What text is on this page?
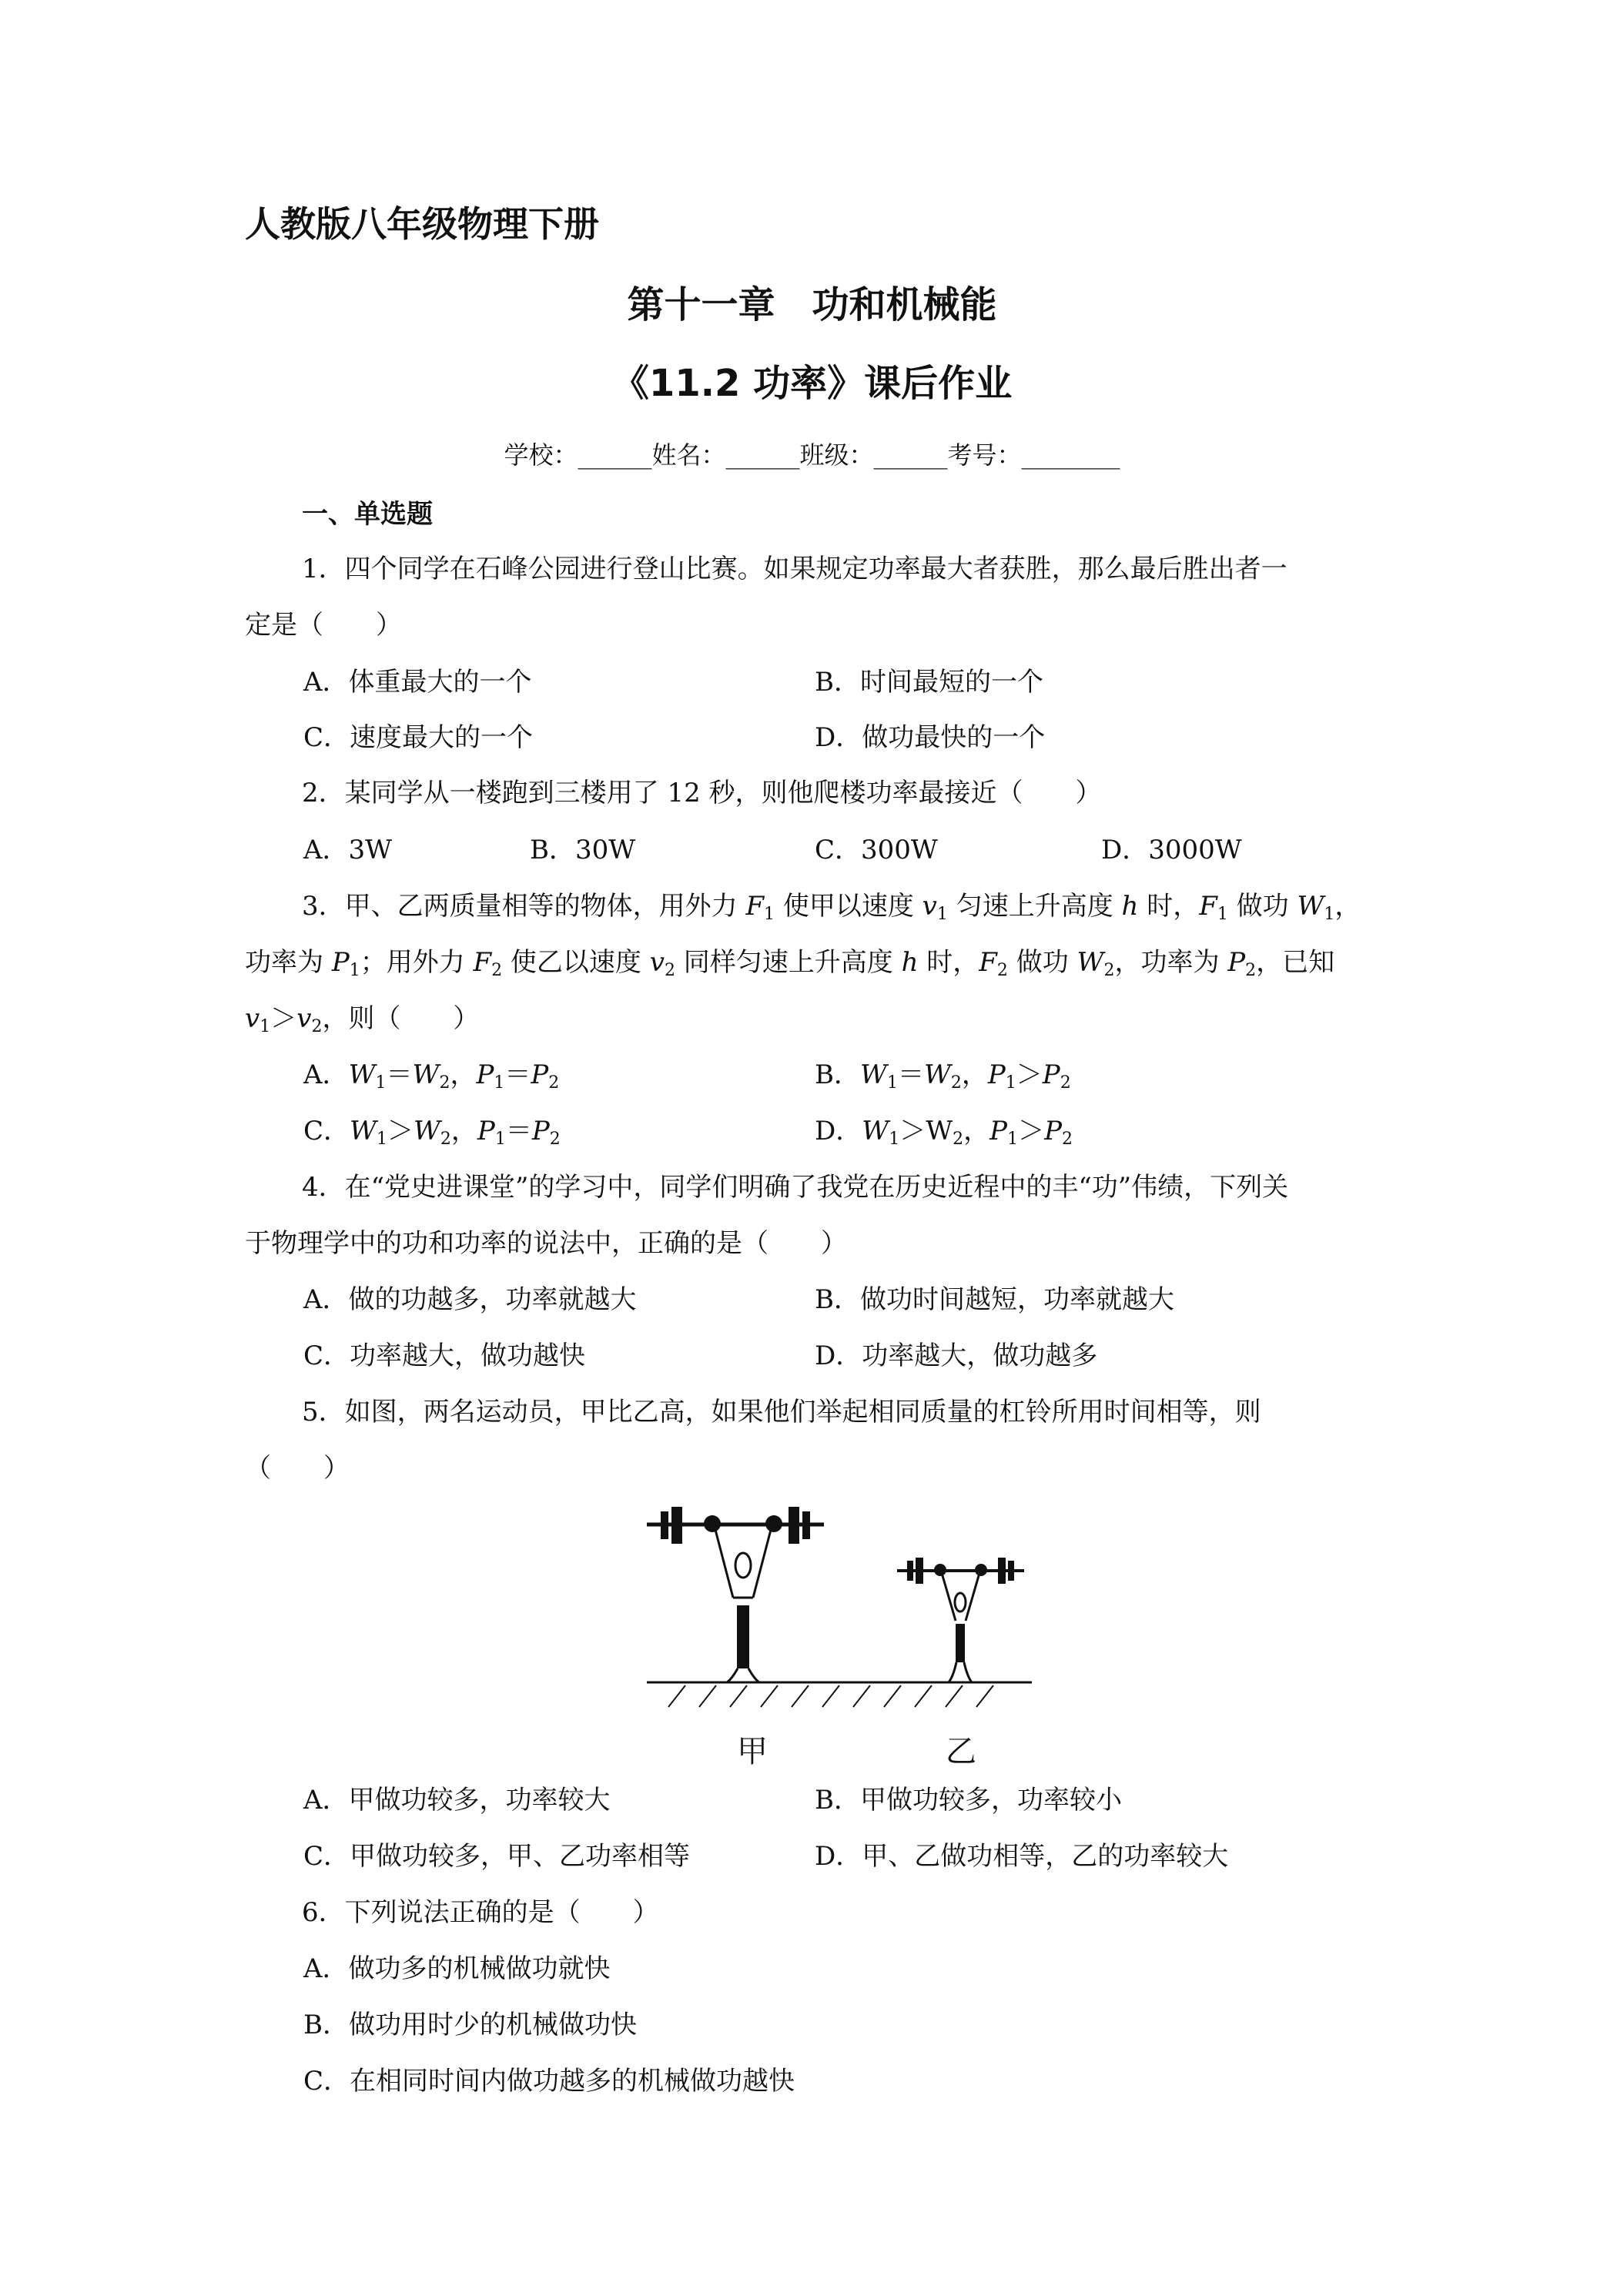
人教版八年级物理下册
第十一章　功和机械能
《11.2 功率》课后作业
学校：______姓名：______班级：______考号：________
一、单选题
1．四个同学在石峰公园进行登山比赛。如果规定功率最大者获胜，那么最后胜出者一
定是（　　）
A．体重最大的一个	B．时间最短的一个
C．速度最大的一个	D．做功最快的一个
2．某同学从一楼跑到三楼用了 12 秒，则他爬楼功率最接近（　　）
A．3W	B．30W	C．300W	D．3000W
3．甲、乙两质量相等的物体，用外力 $F_1$ 使甲以速度 $v_1$ 匀速上升高度 h 时，$F_1$ 做功 $W_1$，
功率为 $P_1$；用外力 $F_2$ 使乙以速度 $v_2$ 同样匀速上升高度 h 时，$F_2$ 做功 $W_2$，功率为 $P_2$，已知
$v_1>v_2$，则（　　）
A．$W_1=W_2$，$P_1=P_2$	B．$W_1=W_2$，$P_1>P_2$
C．$W_1>W_2$，$P_1=P_2$	D．$W_1>W_2$，$P_1>P_2$
4．在“党史进课堂”的学习中，同学们明确了我党在历史近程中的丰“功”伟绩，下列关
于物理学中的功和功率的说法中，正确的是（　　）
A．做的功越多，功率就越大	B．做功时间越短，功率就越大
C．功率越大，做功越快	D．功率越大，做功越多
5．如图，两名运动员，甲比乙高，如果他们举起相同质量的杠铃所用时间相等，则
（　　）
甲	乙
A．甲做功较多，功率较大	B．甲做功较多，功率较小
C．甲做功较多，甲、乙功率相等	D．甲、乙做功相等，乙的功率较大
6．下列说法正确的是（　　）
A．做功多的机械做功就快
B．做功用时少的机械做功快
C．在相同时间内做功越多的机械做功越快
